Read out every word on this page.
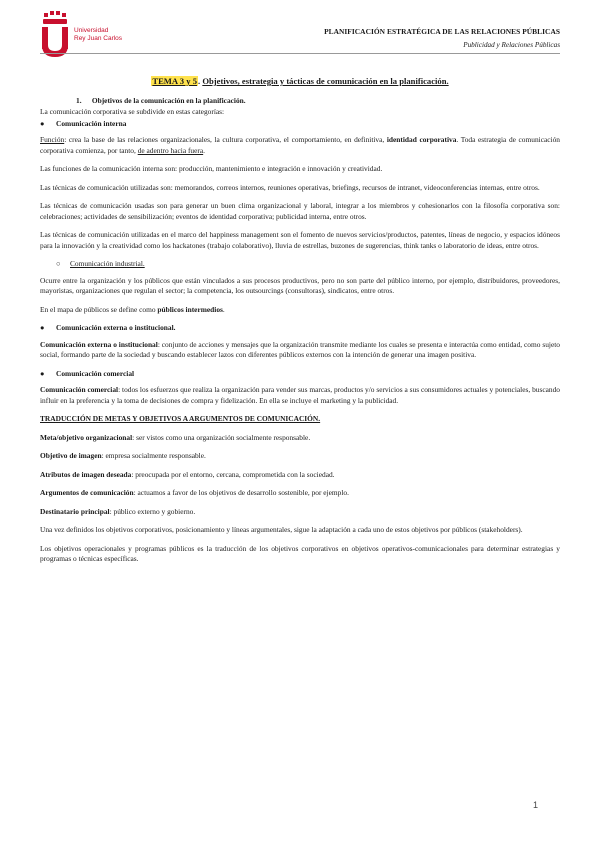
Universidad
Rey Juan Carlos
PLANIFICACIÓN ESTRATÉGICA DE LAS RELACIONES PÚBLICAS
Publicidad y Relaciones Públicas
TEMA 3 y 5. Objetivos, estrategia y tácticas de comunicación en la planificación.
1. Objetivos de la comunicación en la planificación.

La comunicación corporativa se subdivide en estas categorías:

● Comunicación interna

Función: crea la base de las relaciones organizacionales, la cultura corporativa, el comportamiento, en definitiva, identidad corporativa. Toda estrategia de comunicación corporativa comienza, por tanto, de adentro hacia fuera.

Las funciones de la comunicación interna son: producción, mantenimiento e integración e innovación y creatividad.

Las técnicas de comunicación utilizadas son: memorandos, correos internos, reuniones operativas, briefings, recursos de intranet, videoconferencias internas, entre otros.

Las técnicas de comunicación usadas son para generar un buen clima organizacional y laboral, integrar a los miembros y cohesionarlos con la filosofía corporativa son: celebraciones; actividades de sensibilización; eventos de identidad corporativa; publicidad interna, entre otros.

Las técnicas de comunicación utilizadas en el marco del happiness management son el fomento de nuevos servicios/productos, patentes, líneas de negocio, y espacios idóneos para la innovación y la creatividad como los hackatones (trabajo colaborativo), lluvia de estrellas, buzones de sugerencias, think tanks o laboratorio de ideas, entre otros.

○ Comunicación industrial.

Ocurre entre la organización y los públicos que están vinculados a sus procesos productivos, pero no son parte del público interno, por ejemplo, distribuidores, proveedores, mayoristas, organizaciones que regulan el sector; la competencia, los outsourcings (consultoras), sindicatos, entre otros.

En el mapa de públicos se define como públicos intermedios.

● Comunicación externa o institucional.

Comunicación externa o institucional: conjunto de acciones y mensajes que la organización transmite mediante los cuales se presenta e interactúa como entidad, como sujeto social, formando parte de la sociedad y buscando establecer lazos con diferentes públicos externos con la intención de generar una imagen positiva.

● Comunicación comercial

Comunicación comercial: todos los esfuerzos que realiza la organización para vender sus marcas, productos y/o servicios a sus consumidores actuales y potenciales, buscando influir en la preferencia y la toma de decisiones de compra y fidelización. En ella se incluye el marketing y la publicidad.

TRADUCCIÓN DE METAS Y OBJETIVOS A ARGUMENTOS DE COMUNICACIÓN.

Meta/objetivo organizacional: ser vistos como una organización socialmente responsable.

Objetivo de imagen: empresa socialmente responsable.

Atributos de imagen deseada: preocupada por el entorno, cercana, comprometida con la sociedad.

Argumentos de comunicación: actuamos a favor de los objetivos de desarrollo sostenible, por ejemplo.

Destinatario principal: público externo y gobierno.

Una vez definidos los objetivos corporativos, posicionamiento y líneas argumentales, sigue la adaptación a cada uno de estos objetivos por públicos (stakeholders).

Los objetivos operacionales y programas públicos es la traducción de los objetivos corporativos en objetivos operativos-comunicacionales para determinar estrategias y programas o técnicas específicas.

1
